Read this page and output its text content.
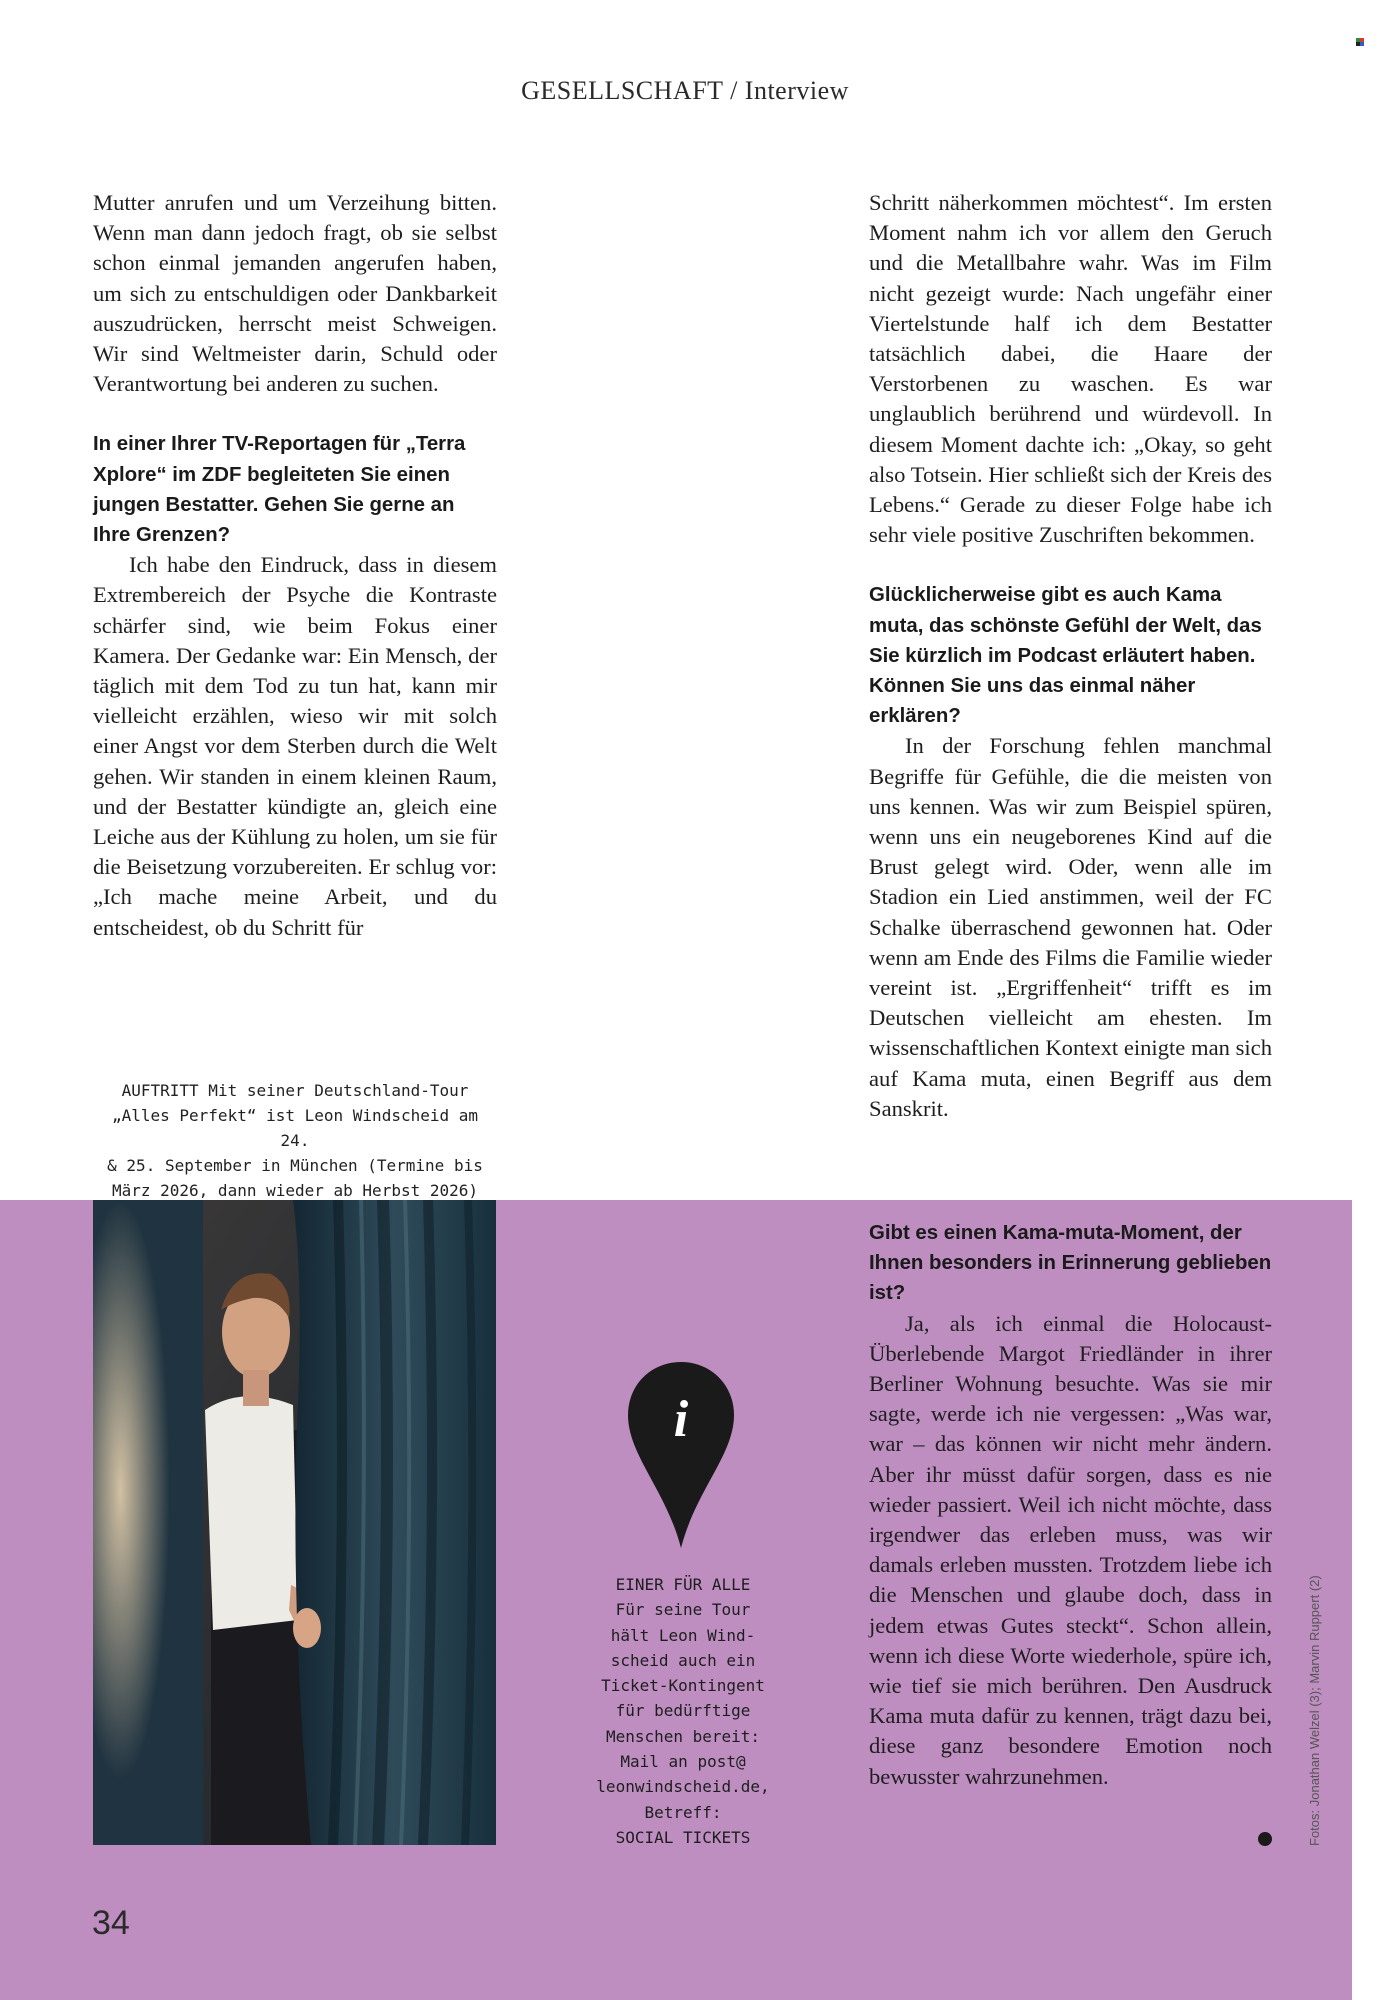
GESELLSCHAFT / Interview

Mutter anrufen und um Verzeihung bitten. Wenn man dann jedoch fragt, ob sie selbst schon einmal jemanden angerufen haben, um sich zu entschuldigen oder Dankbarkeit auszudrücken, herrscht meist Schweigen. Wir sind Weltmeister darin, Schuld oder Verantwortung bei anderen zu suchen.

In einer Ihrer TV-Reportagen für „Terra Xplore“ im ZDF begleiteten Sie einen jungen Bestatter. Gehen Sie gerne an Ihre Grenzen?

Ich habe den Eindruck, dass in diesem Extrembereich der Psyche die Kontraste schärfer sind, wie beim Fokus einer Kamera. Der Gedanke war: Ein Mensch, der täglich mit dem Tod zu tun hat, kann mir vielleicht erzählen, wieso wir mit solch einer Angst vor dem Sterben durch die Welt gehen. Wir standen in einem kleinen Raum, und der Bestatter kündigte an, gleich eine Leiche aus der Kühlung zu holen, um sie für die Beisetzung vorzubereiten. Er schlug vor: „Ich mache meine Arbeit, und du entscheidest, ob du Schritt für

AUFTRITT Mit seiner Deutschland-Tour
„Alles Perfekt“ ist Leon Windscheid am 24.
& 25. September in München (Termine bis
März 2026, dann wieder ab Herbst 2026)
i
EINER FÜR ALLE
Für seine Tour
hält Leon Wind-
scheid auch ein
Ticket-Kontingent
für bedürftige
Menschen bereit:
Mail an post@
leonwindscheid.de,
Betreff:
SOCIAL TICKETS

Schritt näherkommen möchtest“. Im ersten Moment nahm ich vor allem den Geruch und die Metallbahre wahr. Was im Film nicht gezeigt wurde: Nach ungefähr einer Viertelstunde half ich dem Bestatter tatsächlich dabei, die Haare der Verstorbenen zu waschen. Es war unglaublich berührend und würdevoll. In diesem Moment dachte ich: „Okay, so geht also Totsein. Hier schließt sich der Kreis des Lebens.“ Gerade zu dieser Folge habe ich sehr viele positive Zuschriften bekommen.

Glücklicherweise gibt es auch Kama muta, das schönste Gefühl der Welt, das Sie kürzlich im Podcast erläutert haben. Können Sie uns das einmal näher erklären?

In der Forschung fehlen manchmal Begriffe für Gefühle, die die meisten von uns kennen. Was wir zum Beispiel spüren, wenn uns ein neugeborenes Kind auf die Brust gelegt wird. Oder, wenn alle im Stadion ein Lied anstimmen, weil der FC Schalke überraschend gewonnen hat. Oder wenn am Ende des Films die Familie wieder vereint ist. „Ergriffenheit“ trifft es im Deutschen vielleicht am ehesten. Im wissenschaftlichen Kontext einigte man sich auf Kama muta, einen Begriff aus dem Sanskrit.

Gibt es einen Kama-muta-Moment, der Ihnen besonders in Erinnerung geblieben ist?

Ja, als ich einmal die Holocaust-Überlebende Margot Friedländer in ihrer Berliner Wohnung besuchte. Was sie mir sagte, werde ich nie vergessen: „Was war, war – das können wir nicht mehr ändern. Aber ihr müsst dafür sorgen, dass es nie wieder passiert. Weil ich nicht möchte, dass irgendwer das erleben muss, was wir damals erleben mussten. Trotzdem liebe ich die Menschen und glaube doch, dass in jedem etwas Gutes steckt“. Schon allein, wenn ich diese Worte wiederhole, spüre ich, wie tief sie mich berühren. Den Ausdruck Kama muta dafür zu kennen, trägt dazu bei, diese ganz besondere Emotion noch bewusster wahrzunehmen.	Fotos: Jonathan Welzel (3); Marvin Ruppert (2)
34
